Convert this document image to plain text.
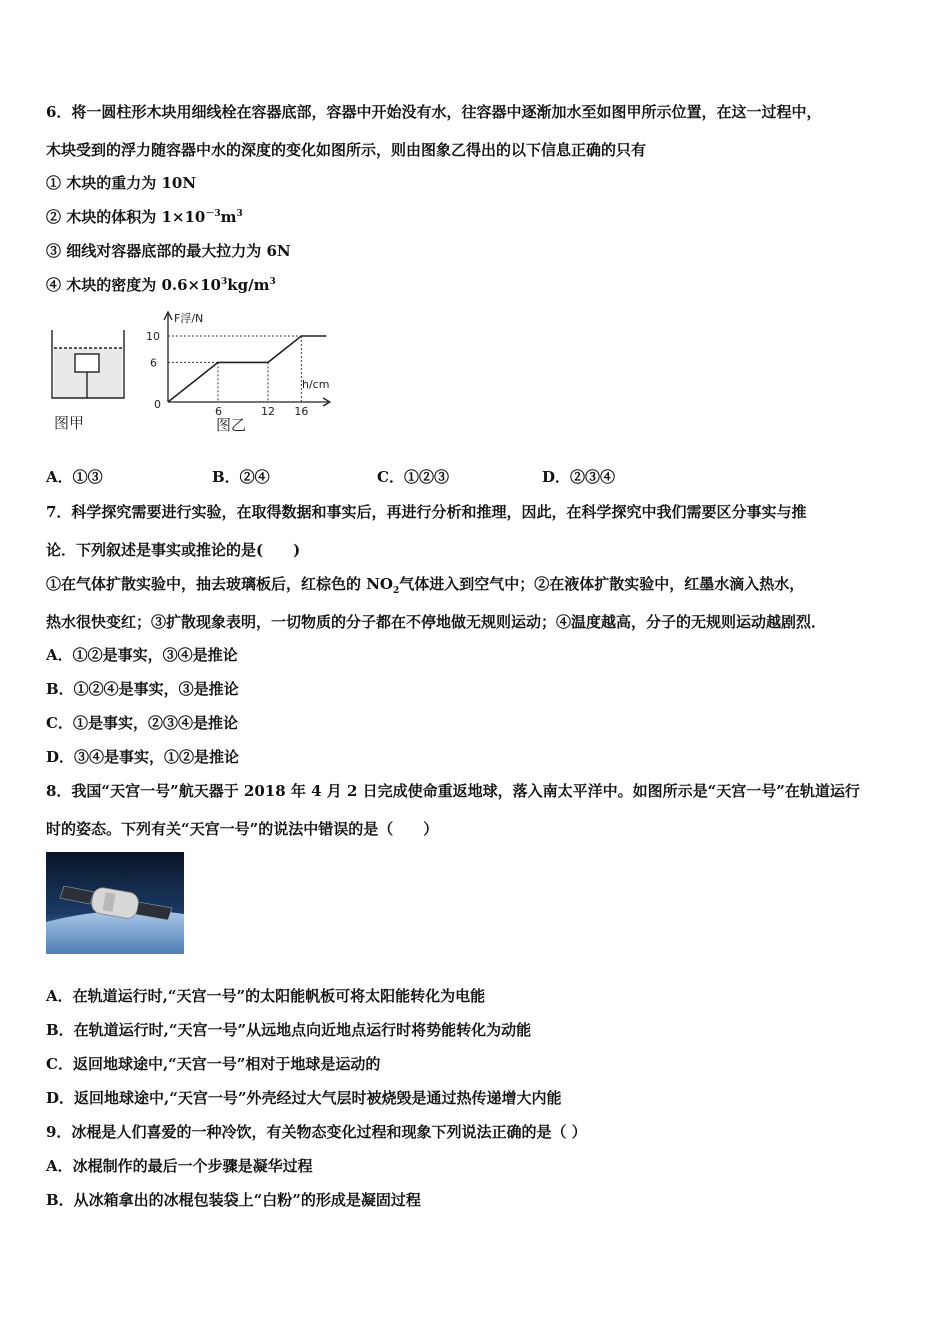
6．将一圆柱形木块用细线栓在容器底部，容器中开始没有水，往容器中逐渐加水至如图甲所示位置，在这一过程中，
木块受到的浮力随容器中水的深度的变化如图所示，则由图象乙得出的以下信息正确的只有
① 木块的重力为 10N
② 木块的体积为 $1\times 10^{-3}m^3$
③ 细线对容器底部的最大拉力为 6N
④ 木块的密度为 $0.6\times 10^3kg/m^3$
图甲
F浮/N
h/cm
0
10
6
6	12 16
图乙
A．①③	B．②④	C．①②③	D．②③④
7．科学探究需要进行实验，在取得数据和事实后，再进行分析和推理，因此，在科学探究中我们需要区分事实与推
论．下列叙述是事实或推论的是(　　)
①在气体扩散实验中，抽去玻璃板后，红棕色的 $NO_2$气体进入到空气中；②在液体扩散实验中，红墨水滴入热水，
热水很快变红；③扩散现象表明，一切物质的分子都在不停地做无规则运动；④温度越高，分子的无规则运动越剧烈．
A．①②是事实，③④是推论
B．①②④是事实，③是推论
C．①是事实，②③④是推论
D．③④是事实，①②是推论
8．我国“天宫一号”航天器于 2018 年 4 月 2 日完成使命重返地球，落入南太平洋中。如图所示是“天宫一号”在轨道运行
时的姿态。下列有关“天宫一号”的说法中错误的是（　　）
A．在轨道运行时,“天宫一号”的太阳能帆板可将太阳能转化为电能
B．在轨道运行时,“天宫一号”从远地点向近地点运行时将势能转化为动能
C．返回地球途中,“天宫一号”相对于地球是运动的
D．返回地球途中,“天宫一号”外壳经过大气层时被烧毁是通过热传递增大内能
9．冰棍是人们喜爱的一种冷饮，有关物态变化过程和现象下列说法正确的是（ ）
A．冰棍制作的最后一个步骤是凝华过程
B．从冰箱拿出的冰棍包装袋上“白粉”的形成是凝固过程
